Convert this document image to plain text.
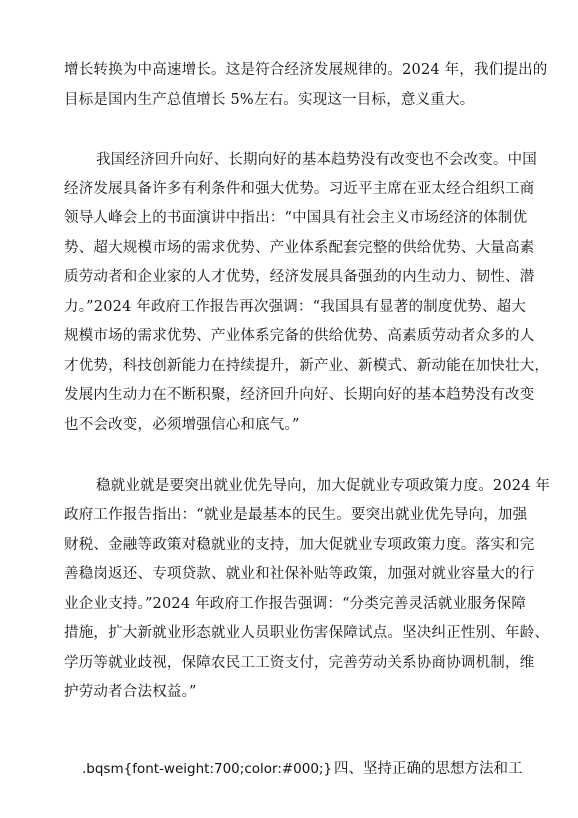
增长转换为中高速增长。这是符合经济发展规律的。2024 年，我们提出的
目标是国内生产总值增长 5%左右。实现这一目标，意义重大。
我国经济回升向好、长期向好的基本趋势没有改变也不会改变。中国
经济发展具备许多有利条件和强大优势。习近平主席在亚太经合组织工商
领导人峰会上的书面演讲中指出：“中国具有社会主义市场经济的体制优
势、超大规模市场的需求优势、产业体系配套完整的供给优势、大量高素
质劳动者和企业家的人才优势，经济发展具备强劲的内生动力、韧性、潜
力。”2024 年政府工作报告再次强调：“我国具有显著的制度优势、超大
规模市场的需求优势、产业体系完备的供给优势、高素质劳动者众多的人
才优势，科技创新能力在持续提升，新产业、新模式、新动能在加快壮大，
发展内生动力在不断积聚，经济回升向好、长期向好的基本趋势没有改变
也不会改变，必须增强信心和底气。”
稳就业就是要突出就业优先导向，加大促就业专项政策力度。2024 年
政府工作报告指出：“就业是最基本的民生。要突出就业优先导向，加强
财税、金融等政策对稳就业的支持，加大促就业专项政策力度。落实和完
善稳岗返还、专项贷款、就业和社保补贴等政策，加强对就业容量大的行
业企业支持。”2024 年政府工作报告强调：“分类完善灵活就业服务保障
措施，扩大新就业形态就业人员职业伤害保障试点。坚决纠正性别、年龄、
学历等就业歧视，保障农民工工资支付，完善劳动关系协商协调机制，维
护劳动者合法权益。”
.bqsm{font-weight:700;color:#000;} 四、坚持正确的思想方法和工
